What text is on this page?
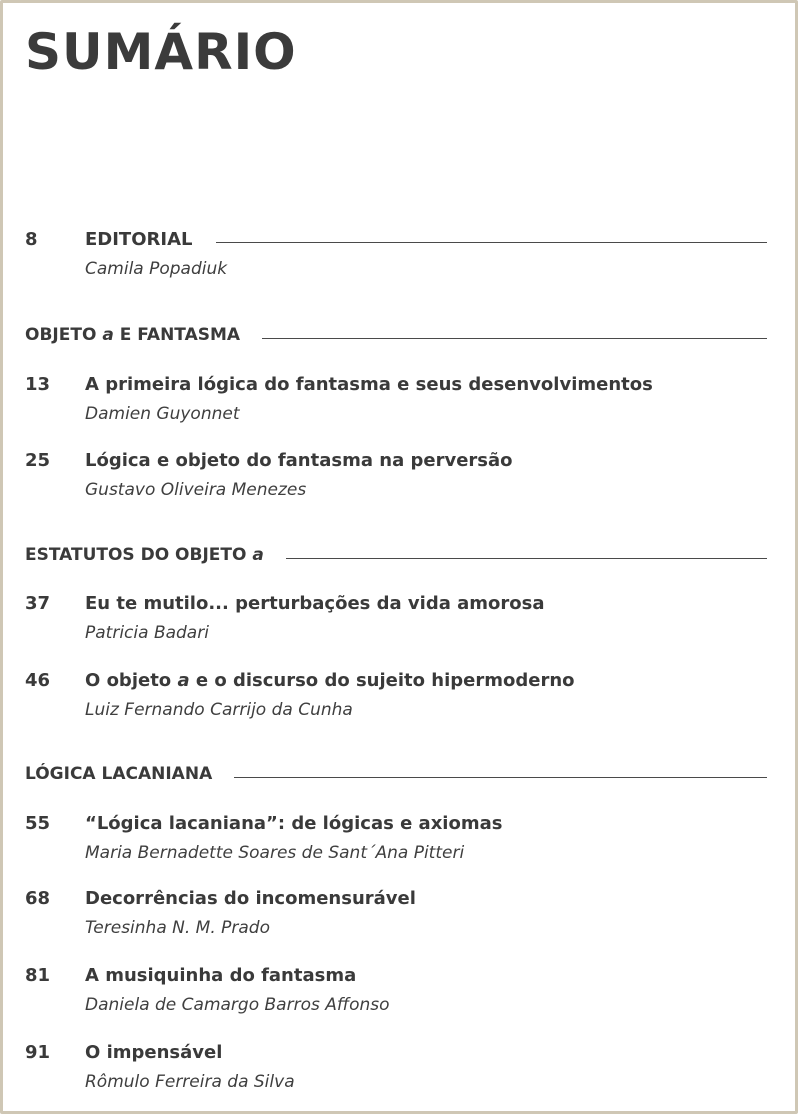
SUMÁRIO
8	EDITORIAL
Camila Popadiuk
OBJETO a E FANTASMA
13	A primeira lógica do fantasma e seus desenvolvimentos
Damien Guyonnet
25	Lógica e objeto do fantasma na perversão
Gustavo Oliveira Menezes
ESTATUTOS DO OBJETO a
37	Eu te mutilo... perturbações da vida amorosa
Patricia Badari
46	O objeto a e o discurso do sujeito hipermoderno
Luiz Fernando Carrijo da Cunha
LÓGICA LACANIANA
55	“Lógica lacaniana”: de lógicas e axiomas
Maria Bernadette Soares de Sant´Ana Pitteri
68	Decorrências do incomensurável
Teresinha N. M. Prado
81	A musiquinha do fantasma
Daniela de Camargo Barros Affonso
91	O impensável
Rômulo Ferreira da Silva
